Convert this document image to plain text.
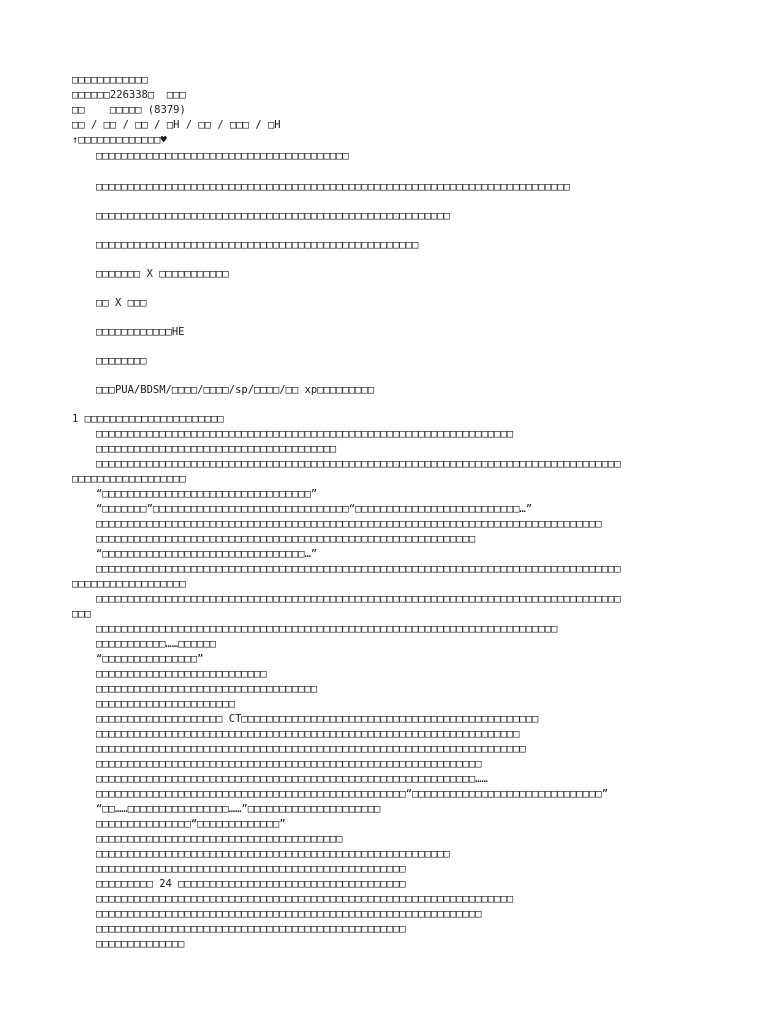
□□□□□□□□□□□□
□□□□□□226338□  □□□
□□    □□□□□ (8379)
□□ / □□ / □□ / □H / □□ / □□□ / □H
↑□□□□□□□□□□□□□♥
□□□□□□□□□□□□□□□□□□□□□□□□□□□□□□□□□□□□□□□□
□□□□□□□□□□□□□□□□□□□□□□□□□□□□□□□□□□□□□□□□□□□□□□□□□□□□□□□□□□□□□□□□□□□□□□□□□□□
□□□□□□□□□□□□□□□□□□□□□□□□□□□□□□□□□□□□□□□□□□□□□□□□□□□□□□□□
□□□□□□□□□□□□□□□□□□□□□□□□□□□□□□□□□□□□□□□□□□□□□□□□□□□
□□□□□□□ X □□□□□□□□□□□
□□ X □□□
□□□□□□□□□□□□HE
□□□□□□□□
□□□PUA/BDSM/□□□□/□□□□/sp/□□□□/□□ xp□□□□□□□□□
1 □□□□□□□□□□□□□□□□□□□□□□
□□□□□□□□□□□□□□□□□□□□□□□□□□□□□□□□□□□□□□□□□□□□□□□□□□□□□□□□□□□□□□□□□□
□□□□□□□□□□□□□□□□□□□□□□□□□□□□□□□□□□□□□□
□□□□□□□□□□□□□□□□□□□□□□□□□□□□□□□□□□□□□□□□□□□□□□□□□□□□□□□□□□□□□□□□□□□□□□□□□□□□□□□□□□□
□□□□□□□□□□□□□□□□□□
“□□□□□□□□□□□□□□□□□□□□□□□□□□□□□□□□□”
“□□□□□□□”□□□□□□□□□□□□□□□□□□□□□□□□□□□□□□□“□□□□□□□□□□□□□□□□□□□□□□□□□□…”
□□□□□□□□□□□□□□□□□□□□□□□□□□□□□□□□□□□□□□□□□□□□□□□□□□□□□□□□□□□□□□□□□□□□□□□□□□□□□□□□
□□□□□□□□□□□□□□□□□□□□□□□□□□□□□□□□□□□□□□□□□□□□□□□□□□□□□□□□□□□□
“□□□□□□□□□□□□□□□□□□□□□□□□□□□□□□□□…”
□□□□□□□□□□□□□□□□□□□□□□□□□□□□□□□□□□□□□□□□□□□□□□□□□□□□□□□□□□□□□□□□□□□□□□□□□□□□□□□□□□□
□□□□□□□□□□□□□□□□□□
□□□□□□□□□□□□□□□□□□□□□□□□□□□□□□□□□□□□□□□□□□□□□□□□□□□□□□□□□□□□□□□□□□□□□□□□□□□□□□□□□□□
□□□
□□□□□□□□□□□□□□□□□□□□□□□□□□□□□□□□□□□□□□□□□□□□□□□□□□□□□□□□□□□□□□□□□□□□□□□□□
□□□□□□□□□□□……□□□□□□
“□□□□□□□□□□□□□□□”
□□□□□□□□□□□□□□□□□□□□□□□□□□□
□□□□□□□□□□□□□□□□□□□□□□□□□□□□□□□□□□□
□□□□□□□□□□□□□□□□□□□□□□
□□□□□□□□□□□□□□□□□□□□ CT□□□□□□□□□□□□□□□□□□□□□□□□□□□□□□□□□□□□□□□□□□□□□□□
□□□□□□□□□□□□□□□□□□□□□□□□□□□□□□□□□□□□□□□□□□□□□□□□□□□□□□□□□□□□□□□□□□□
□□□□□□□□□□□□□□□□□□□□□□□□□□□□□□□□□□□□□□□□□□□□□□□□□□□□□□□□□□□□□□□□□□□□
□□□□□□□□□□□□□□□□□□□□□□□□□□□□□□□□□□□□□□□□□□□□□□□□□□□□□□□□□□□□□
□□□□□□□□□□□□□□□□□□□□□□□□□□□□□□□□□□□□□□□□□□□□□□□□□□□□□□□□□□□□……
□□□□□□□□□□□□□□□□□□□□□□□□□□□□□□□□□□□□□□□□□□□□□□□□□“□□□□□□□□□□□□□□□□□□□□□□□□□□□□□□”
“□□……□□□□□□□□□□□□□□□□……”□□□□□□□□□□□□□□□□□□□□□
□□□□□□□□□□□□□□□“□□□□□□□□□□□□□”
□□□□□□□□□□□□□□□□□□□□□□□□□□□□□□□□□□□□□□□
□□□□□□□□□□□□□□□□□□□□□□□□□□□□□□□□□□□□□□□□□□□□□□□□□□□□□□□□
□□□□□□□□□□□□□□□□□□□□□□□□□□□□□□□□□□□□□□□□□□□□□□□□□
□□□□□□□□□ 24 □□□□□□□□□□□□□□□□□□□□□□□□□□□□□□□□□□□□
□□□□□□□□□□□□□□□□□□□□□□□□□□□□□□□□□□□□□□□□□□□□□□□□□□□□□□□□□□□□□□□□□□
□□□□□□□□□□□□□□□□□□□□□□□□□□□□□□□□□□□□□□□□□□□□□□□□□□□□□□□□□□□□□
□□□□□□□□□□□□□□□□□□□□□□□□□□□□□□□□□□□□□□□□□□□□□□□□□
□□□□□□□□□□□□□□
